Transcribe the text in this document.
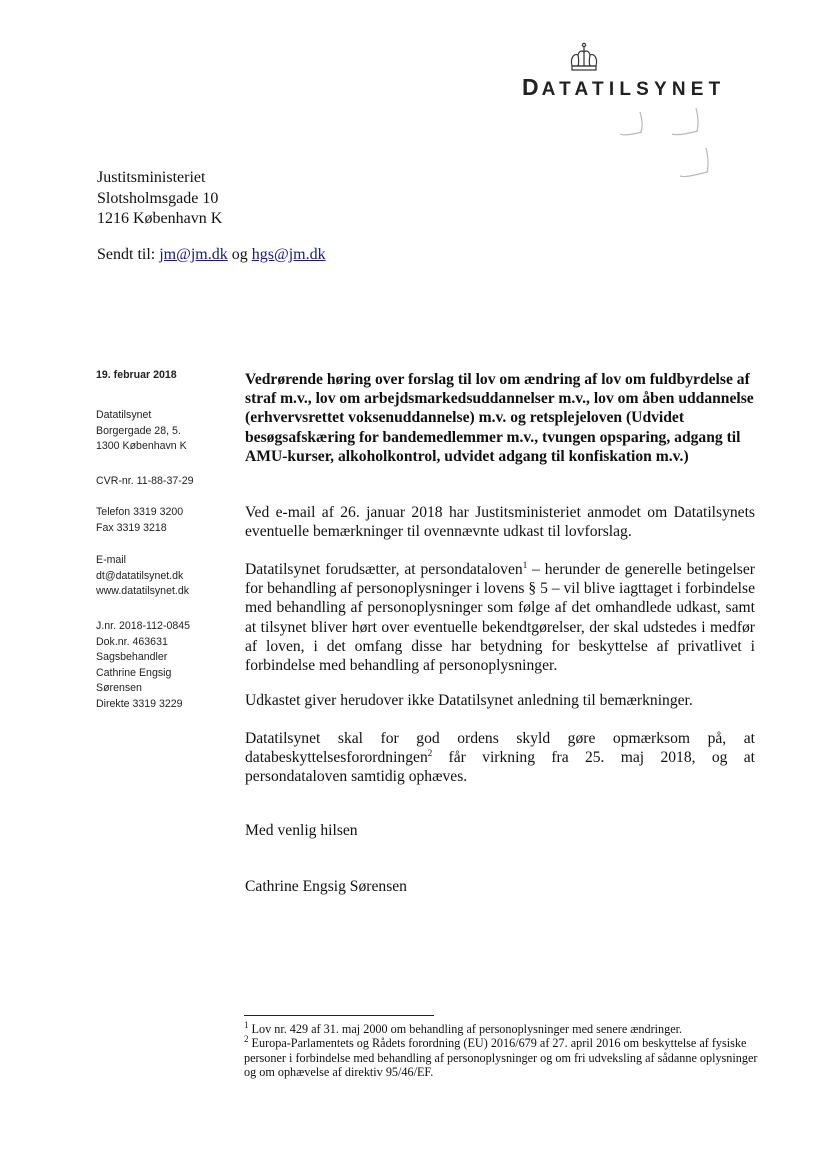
DATATILSYNET
Justitsministeriet
Slotsholmsgade 10
1216 København K
Sendt til: jm@jm.dk og hgs@jm.dk
19. februar 2018
Datatilsynet
Borgergade 28, 5.
1300 København K
CVR-nr. 11-88-37-29
Telefon 3319 3200
Fax 3319 3218
E-mail
dt@datatilsynet.dk
www.datatilsynet.dk
J.nr. 2018-112-0845
Dok.nr. 463631
Sagsbehandler
Cathrine Engsig
Sørensen
Direkte 3319 3229
Vedrørende høring over forslag til lov om ændring af lov om fuldbyrdelse af straf m.v., lov om arbejdsmarkedsuddannelser m.v., lov om åben uddannelse (erhvervsrettet voksenuddannelse) m.v. og retsplejeloven (Udvidet besøgsafskæring for bandemedlemmer m.v., tvungen opsparing, adgang til AMU-kurser, alkoholkontrol, udvidet adgang til konfiskation m.v.)
Ved e-mail af 26. januar 2018 har Justitsministeriet anmodet om Datatilsynets eventuelle bemærkninger til ovennævnte udkast til lovforslag.
Datatilsynet forudsætter, at persondataloven$^1$ – herunder de generelle betingelser for behandling af personoplysninger i lovens § 5 – vil blive iagttaget i forbindelse med behandling af personoplysninger som følge af det omhandlede udkast, samt at tilsynet bliver hørt over eventuelle bekendtgørelser, der skal udstedes i medfør af loven, i det omfang disse har betydning for beskyttelse af privatlivet i forbindelse med behandling af personoplysninger.
Udkastet giver herudover ikke Datatilsynet anledning til bemærkninger.
Datatilsynet skal for god ordens skyld gøre opmærksom på, at databeskyttelsesforordningen$^2$ får virkning fra 25. maj 2018, og at persondataloven samtidig ophæves.
Med venlig hilsen
Cathrine Engsig Sørensen

$^1$ Lov nr. 429 af 31. maj 2000 om behandling af personoplysninger med senere ændringer.

$^2$ Europa-Parlamentets og Rådets forordning (EU) 2016/679 af 27. april 2016 om beskyttelse af fysiske personer i forbindelse med behandling af personoplysninger og om fri udveksling af sådanne oplysninger og om ophævelse af direktiv 95/46/EF.
